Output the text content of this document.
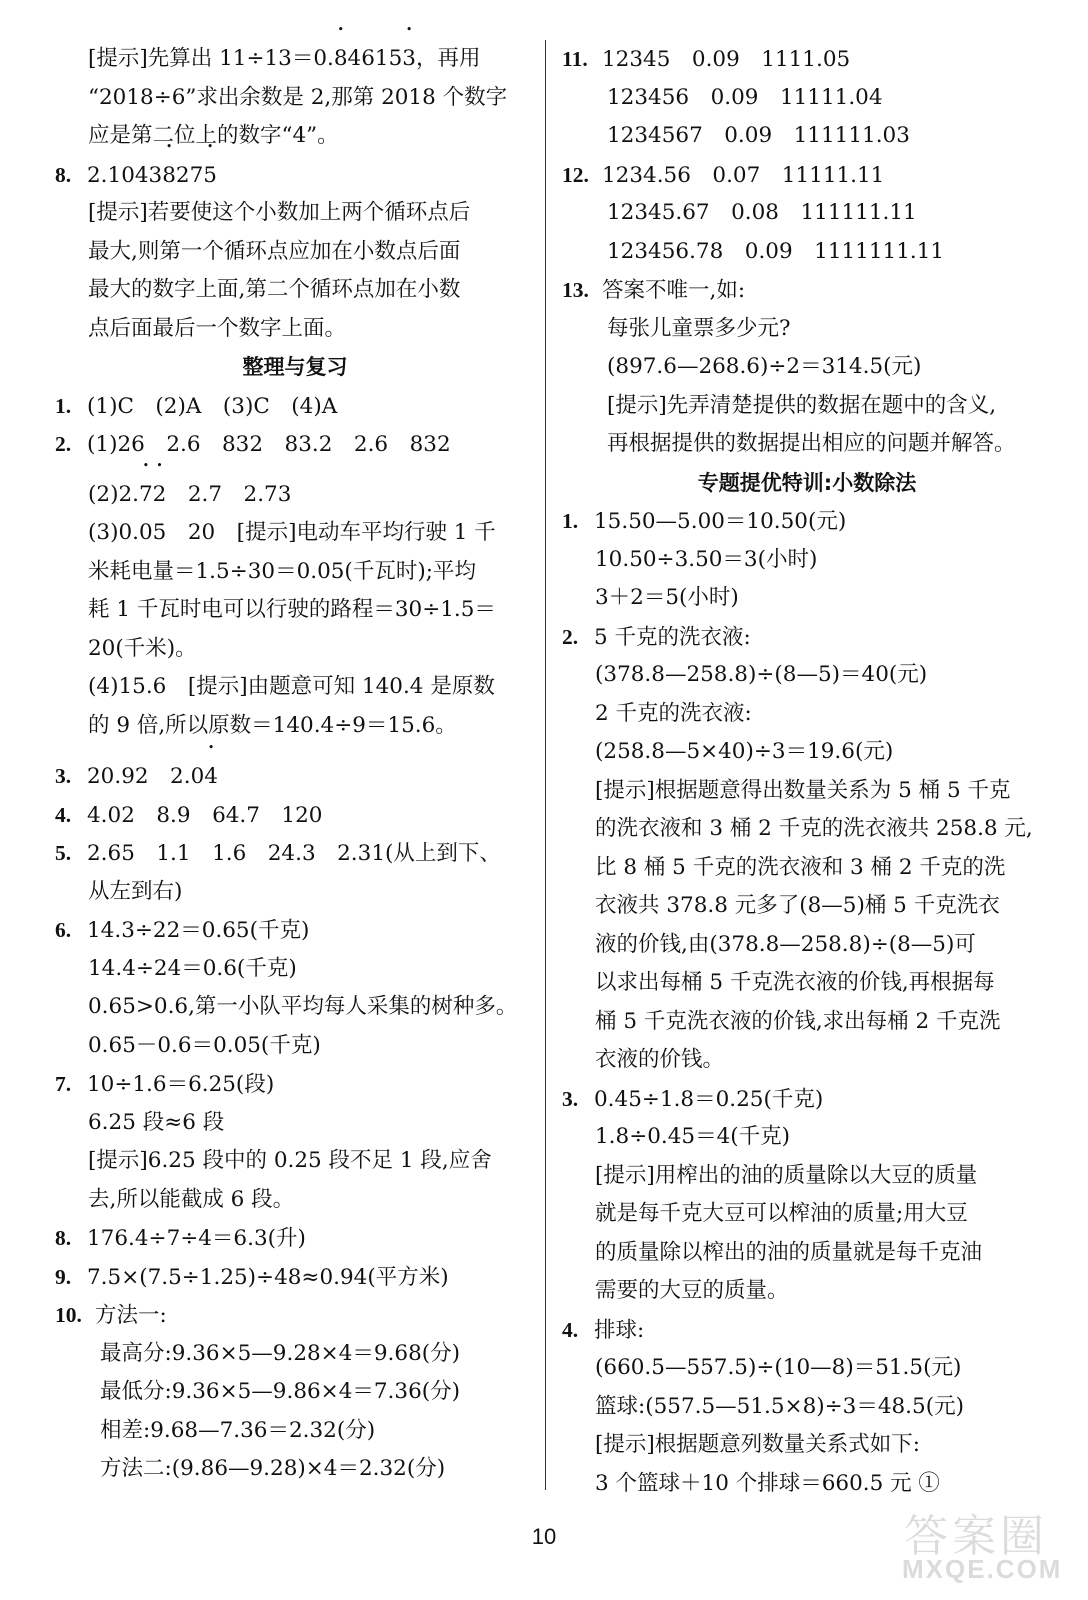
[提示]先算出 11÷13＝0.• 84615• 3，再用
“2018÷6”求出余数是 2,那第 2018 个数字
应是第二位上的数字“4”。
8. 2.1043• 827• 5
[提示]若要使这个小数加上两个循环点后
最大,则第一个循环点应加在小数点后面
最大的数字上面,第二个循环点加在小数
点后面最后一个数字上面。
整理与复习
1. (1)C　(2)A　(3)C　(4)A
2. (1)26　2.6　832　83.2　2.6　832
(2)2.• 7• 2　2.7　2.73
(3)0.05　20　[提示]电动车平均行驶 1 千
米耗电量＝1.5÷30＝0.05(千瓦时);平均
耗 1 千瓦时电可以行驶的路程＝30÷1.5＝
20(千米)。
(4)15.6　[提示]由题意可知 140.4 是原数
的 9 倍,所以原数＝140.4÷9＝15.6。
3. 20.92　2.0• 4
4. 4.02　8.9　64.7　120
5. 2.65　1.1　1.6　24.3　2.31(从上到下、
从左到右)
6. 14.3÷22＝0.65(千克)
14.4÷24＝0.6(千克)
0.65>0.6,第一小队平均每人采集的树种多。
0.65－0.6＝0.05(千克)
7. 10÷1.6＝6.25(段)
6.25 段≈6 段
[提示]6.25 段中的 0.25 段不足 1 段,应舍
去,所以能截成 6 段。
8. 176.4÷7÷4＝6.3(升)
9. 7.5×(7.5÷1.25)÷48≈0.94(平方米)
10. 方法一:
最高分:9.36×5—9.28×4＝9.68(分)
最低分:9.36×5—9.86×4＝7.36(分)
相差:9.68—7.36＝2.32(分)
方法二:(9.86—9.28)×4＝2.32(分)
11. 12345　0.09　1111.05
123456　0.09　11111.04
1234567　0.09　111111.03
12. 1234.56　0.07　11111.11
12345.67　0.08　111111.11
123456.78　0.09　1111111.11
13. 答案不唯一,如:
每张儿童票多少元?
(897.6—268.6)÷2＝314.5(元)
[提示]先弄清楚提供的数据在题中的含义,
再根据提供的数据提出相应的问题并解答。
专题提优特训:小数除法
1. 15.50—5.00＝10.50(元)
10.50÷3.50＝3(小时)
3＋2＝5(小时)
2. 5 千克的洗衣液:
(378.8—258.8)÷(8—5)＝40(元)
2 千克的洗衣液:
(258.8—5×40)÷3＝19.6(元)
[提示]根据题意得出数量关系为 5 桶 5 千克
的洗衣液和 3 桶 2 千克的洗衣液共 258.8 元,
比 8 桶 5 千克的洗衣液和 3 桶 2 千克的洗
衣液共 378.8 元多了(8—5)桶 5 千克洗衣
液的价钱,由(378.8—258.8)÷(8—5)可
以求出每桶 5 千克洗衣液的价钱,再根据每
桶 5 千克洗衣液的价钱,求出每桶 2 千克洗
衣液的价钱。
3. 0.45÷1.8＝0.25(千克)
1.8÷0.45＝4(千克)
[提示]用榨出的油的质量除以大豆的质量
就是每千克大豆可以榨油的质量;用大豆
的质量除以榨出的油的质量就是每千克油
需要的大豆的质量。
4. 排球:
(660.5—557.5)÷(10—8)＝51.5(元)
篮球:(557.5—51.5×8)÷3＝48.5(元)
[提示]根据题意列数量关系式如下:
3 个篮球＋10 个排球＝660.5 元 ①
10	答案圈
MXQE.COM
